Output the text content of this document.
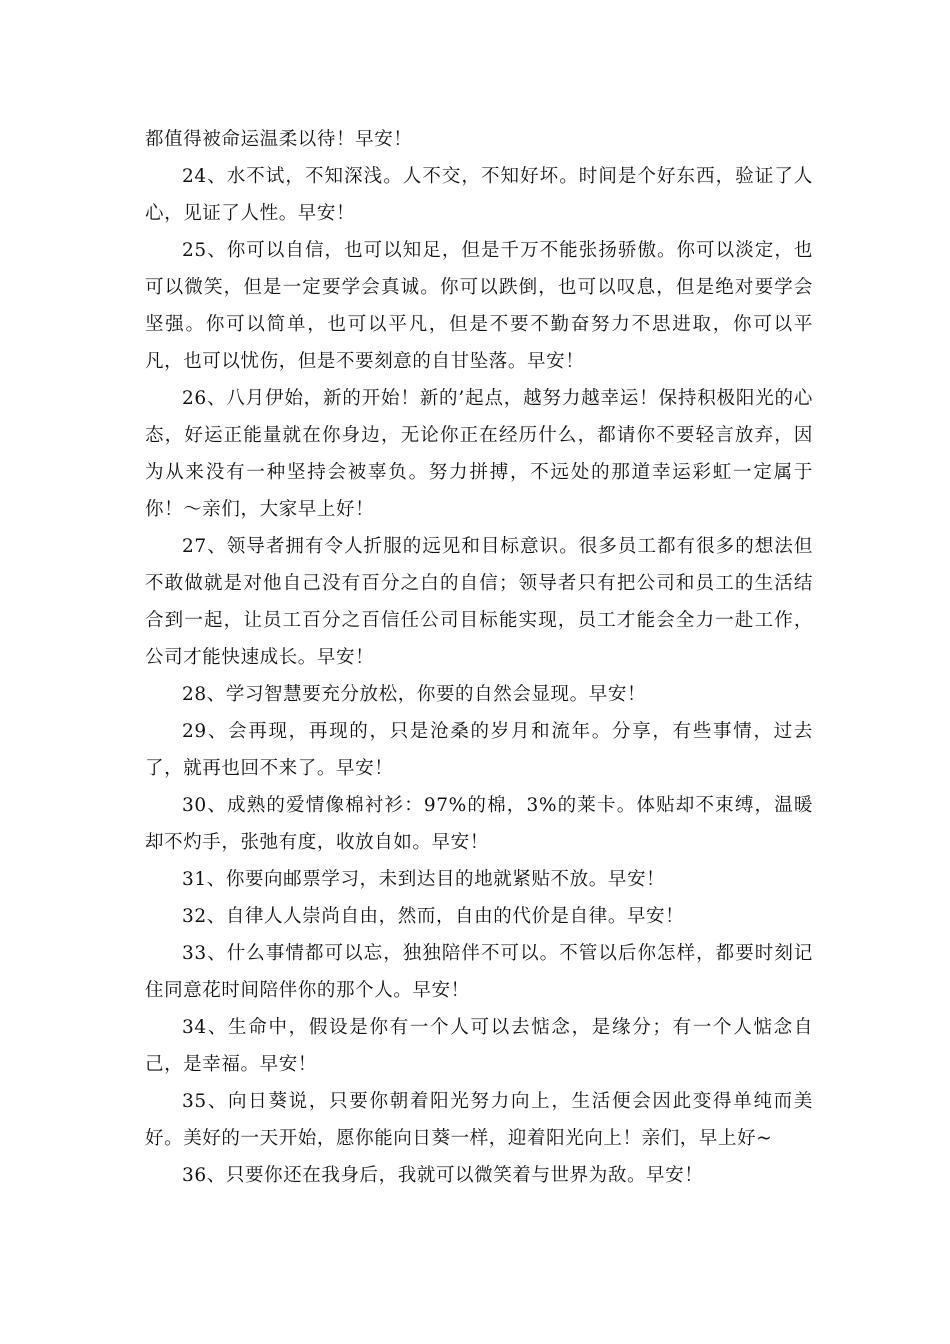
都值得被命运温柔以待！早安！

24、水不试，不知深浅。人不交，不知好坏。时间是个好东西，验证了人心，见证了人性。早安！

25、你可以自信，也可以知足，但是千万不能张扬骄傲。你可以淡定，也可以微笑，但是一定要学会真诚。你可以跌倒，也可以叹息，但是绝对要学会坚强。你可以简单，也可以平凡，但是不要不勤奋努力不思进取，你可以平凡，也可以忧伤，但是不要刻意的自甘坠落。早安！

26、八月伊始，新的开始！新的’起点，越努力越幸运！保持积极阳光的心态，好运正能量就在你身边，无论你正在经历什么，都请你不要轻言放弃，因为从来没有一种坚持会被辜负。努力拼搏，不远处的那道幸运彩虹一定属于你！～亲们，大家早上好！

27、领导者拥有令人折服的远见和目标意识。很多员工都有很多的想法但不敢做就是对他自己没有百分之白的自信；领导者只有把公司和员工的生活结合到一起，让员工百分之百信任公司目标能实现，员工才能会全力一赴工作，公司才能快速成长。早安！

28、学习智慧要充分放松，你要的自然会显现。早安！

29、会再现，再现的，只是沧桑的岁月和流年。分享，有些事情，过去了，就再也回不来了。早安！

30、成熟的爱情像棉衬衫：97%的棉，3%的莱卡。体贴却不束缚，温暖却不灼手，张弛有度，收放自如。早安！

31、你要向邮票学习，未到达目的地就紧贴不放。早安！

32、自律人人崇尚自由，然而，自由的代价是自律。早安！

33、什么事情都可以忘，独独陪伴不可以。不管以后你怎样，都要时刻记住同意花时间陪伴你的那个人。早安！

34、生命中，假设是你有一个人可以去惦念，是缘分；有一个人惦念自己，是幸福。早安！

35、向日葵说，只要你朝着阳光努力向上，生活便会因此变得单纯而美好。美好的一天开始，愿你能向日葵一样，迎着阳光向上！亲们，早上好~

36、只要你还在我身后，我就可以微笑着与世界为敌。早安！
